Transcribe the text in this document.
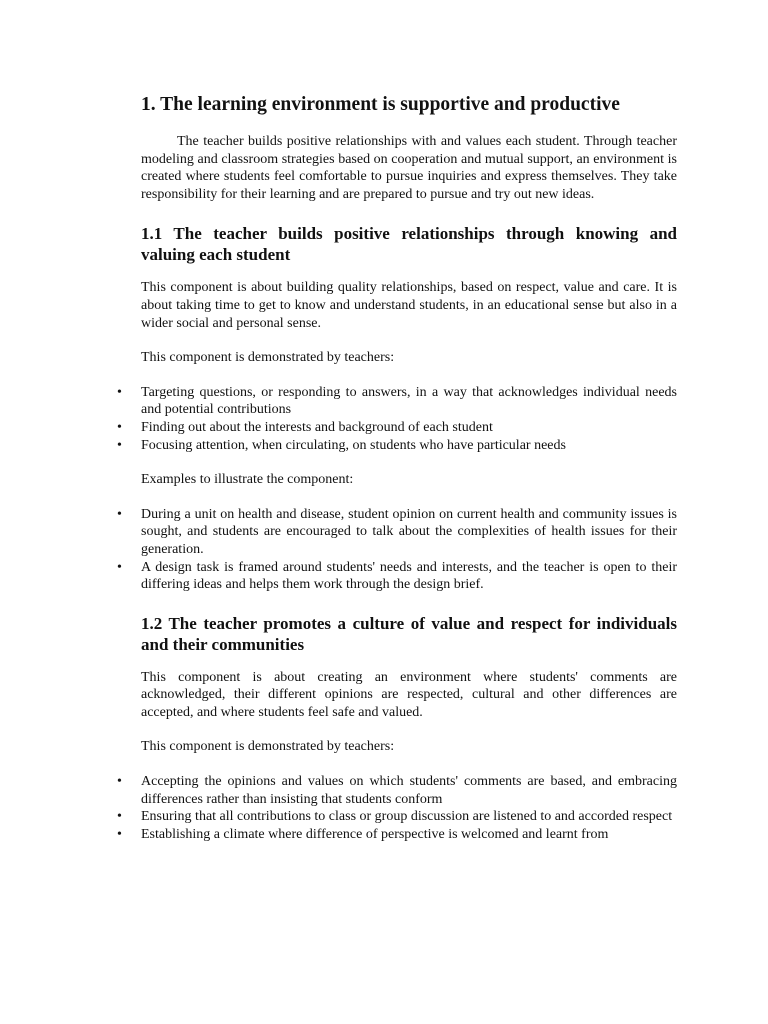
1. The learning environment is supportive and productive

The teacher builds positive relationships with and values each student. Through teacher modeling and classroom strategies based on cooperation and mutual support, an environment is created where students feel comfortable to pursue inquiries and express themselves. They take responsibility for their learning and are prepared to pursue and try out new ideas.

1.1 The teacher builds positive relationships through knowing and valuing each student

This component is about building quality relationships, based on respect, value and care. It is about taking time to get to know and understand students, in an educational sense but also in a wider social and personal sense.

This component is demonstrated by teachers:

• Targeting questions, or responding to answers, in a way that acknowledges individual needs and potential contributions
• Finding out about the interests and background of each student
• Focusing attention, when circulating, on students who have particular needs

Examples to illustrate the component:

• During a unit on health and disease, student opinion on current health and community issues is sought, and students are encouraged to talk about the complexities of health issues for their generation.
• A design task is framed around students' needs and interests, and the teacher is open to their differing ideas and helps them work through the design brief.
1.2 The teacher promotes a culture of value and respect for individuals and their communities

This component is about creating an environment where students' comments are acknowledged, their different opinions are respected, cultural and other differences are accepted, and where students feel safe and valued.

This component is demonstrated by teachers:

• Accepting the opinions and values on which students' comments are based, and embracing differences rather than insisting that students conform
• Ensuring that all contributions to class or group discussion are listened to and accorded respect
• Establishing a climate where difference of perspective is welcomed and learnt from
